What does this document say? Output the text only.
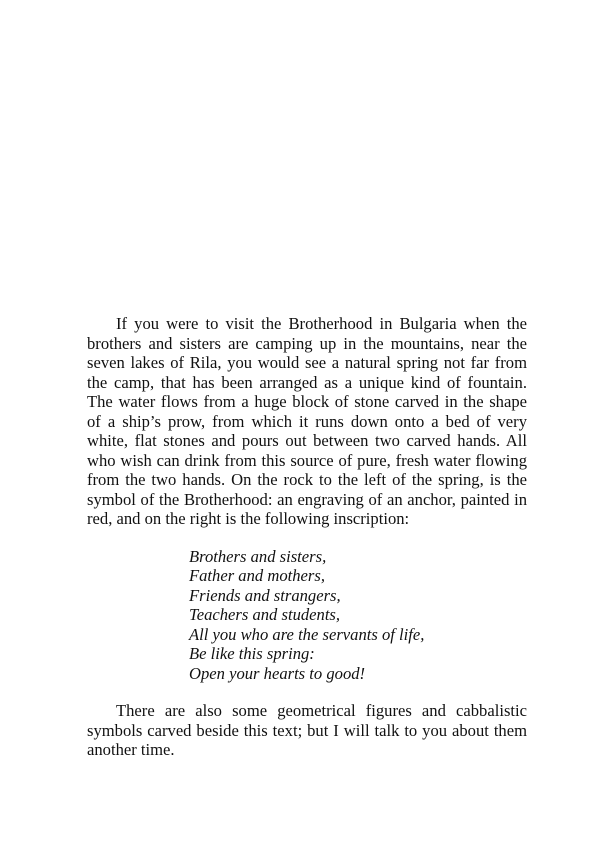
If you were to visit the Brotherhood in Bulgaria when the brothers and sisters are camping up in the mountains, near the seven lakes of Rila, you would see a natural spring not far from the camp, that has been arranged as a unique kind of fountain. The water flows from a huge block of stone carved in the shape of a ship’s prow, from which it runs down onto a bed of very white, flat stones and pours out between two carved hands. All who wish can drink from this source of pure, fresh water flowing from the two hands. On the rock to the left of the spring, is the symbol of the Brotherhood: an engraving of an anchor, painted in red, and on the right is the following inscription:

Brothers and sisters,
Father and mothers,
Friends and strangers,
Teachers and students,
All you who are the servants of life,
Be like this spring:
Open your hearts to good!

There are also some geometrical figures and cabbalistic symbols carved beside this text; but I will talk to you about them another time.
